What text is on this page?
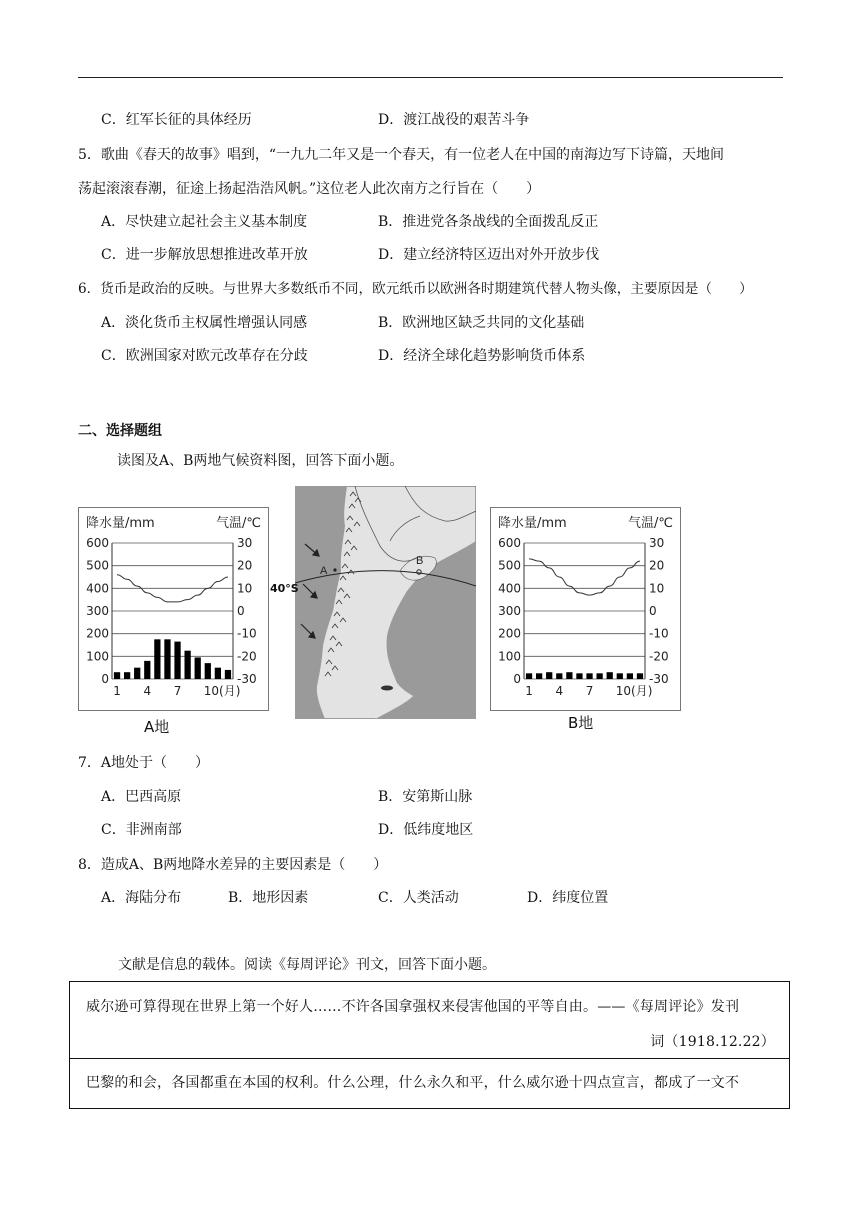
C．红军长征的具体经历	D．渡江战役的艰苦斗争
5．歌曲《春天的故事》唱到，“一九九二年又是一个春天，有一位老人在中国的南海边写下诗篇，天地间
荡起滚滚春潮，征途上扬起浩浩风帆。”这位老人此次南方之行旨在（　　）
A．尽快建立起社会主义基本制度	B．推进党各条战线的全面拨乱反正
C．进一步解放思想推进改革开放	D．建立经济特区迈出对外开放步伐
6．货币是政治的反映。与世界大多数纸币不同，欧元纸币以欧洲各时期建筑代替人物头像，主要原因是（　　）
A．淡化货币主权属性增强认同感	B．欧洲地区缺乏共同的文化基础
C．欧洲国家对欧元改革存在分歧	D．经济全球化趋势影响货币体系
二、选择题组
读图及A、B两地气候资料图，回答下面小题。
降水量/mm	气温/℃
600	30
500	20
400	10
300	0
200	-10
100	-20
0	-30
1 4 7 10(月)
A地
A
B
40°S
降水量/mm	气温/℃
600	30
500	20
400	10
300	0
200	-10
100	-20
0	-30
1 4 7 10(月)
B地
7．A地处于（　　）
A．巴西高原	B．安第斯山脉
C．非洲南部	D．低纬度地区
8．造成A、B两地降水差异的主要因素是（　　）
A．海陆分布	B．地形因素	C．人类活动	D．纬度位置
文献是信息的载体。阅读《每周评论》刊文，回答下面小题。
威尔逊可算得现在世界上第一个好人……不许各国拿强权来侵害他国的平等自由。——《每周评论》发刊
词（1918.12.22）
巴黎的和会，各国都重在本国的权利。什么公理，什么永久和平，什么威尔逊十四点宣言，都成了一文不
